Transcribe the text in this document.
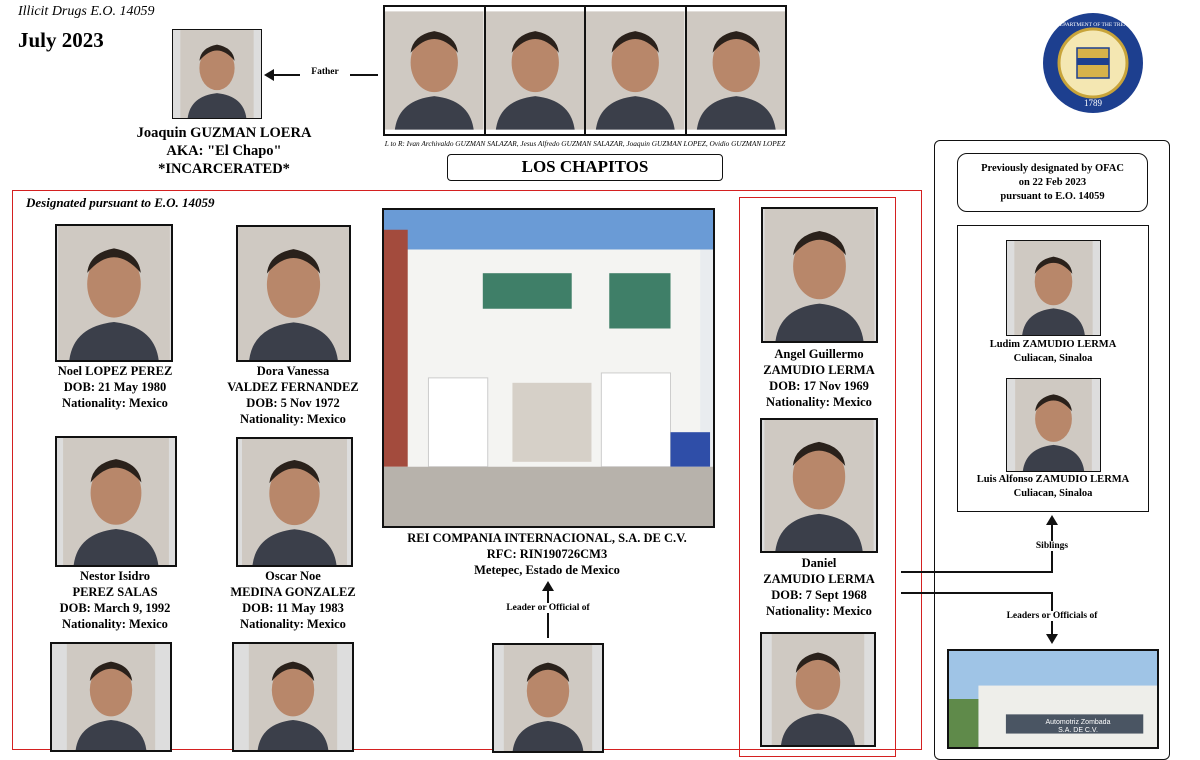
Illicit Drugs E.O. 14059
July 2023
1789
THE DEPARTMENT OF THE TREASURY
Father
Joaquin GUZMAN LOERA
AKA: "El Chapo"
*INCARCERATED*
L to R: Ivan Archivaldo GUZMAN SALAZAR, Jesus Alfredo GUZMAN SALAZAR, Joaquin GUZMAN LOPEZ, Ovidio GUZMAN LOPEZ
LOS CHAPITOS
Designated pursuant to E.O. 14059
Noel LOPEZ PEREZ
DOB: 21 May 1980
Nationality: Mexico
Dora Vanessa
VALDEZ FERNANDEZ
DOB: 5 Nov 1972
Nationality: Mexico
Nestor Isidro
PEREZ SALAS
DOB: March 9, 1992
Nationality: Mexico
Oscar Noe
MEDINA GONZALEZ
DOB: 11 May 1983
Nationality: Mexico
REI COMPANIA INTERNACIONAL, S.A. DE C.V.
RFC: RIN190726CM3
Metepec, Estado de Mexico
Leader or Official of
Angel Guillermo
ZAMUDIO LERMA
DOB: 17 Nov 1969
Nationality: Mexico
Daniel
ZAMUDIO LERMA
DOB: 7 Sept 1968
Nationality: Mexico
Previously designated by OFAC
on 22 Feb 2023
pursuant to E.O. 14059
Ludim ZAMUDIO LERMA
Culiacan, Sinaloa
Luis Alfonso ZAMUDIO LERMA
Culiacan, Sinaloa
Siblings
Leaders or Officials of
Automotriz Zombada
S.A. DE C.V.
